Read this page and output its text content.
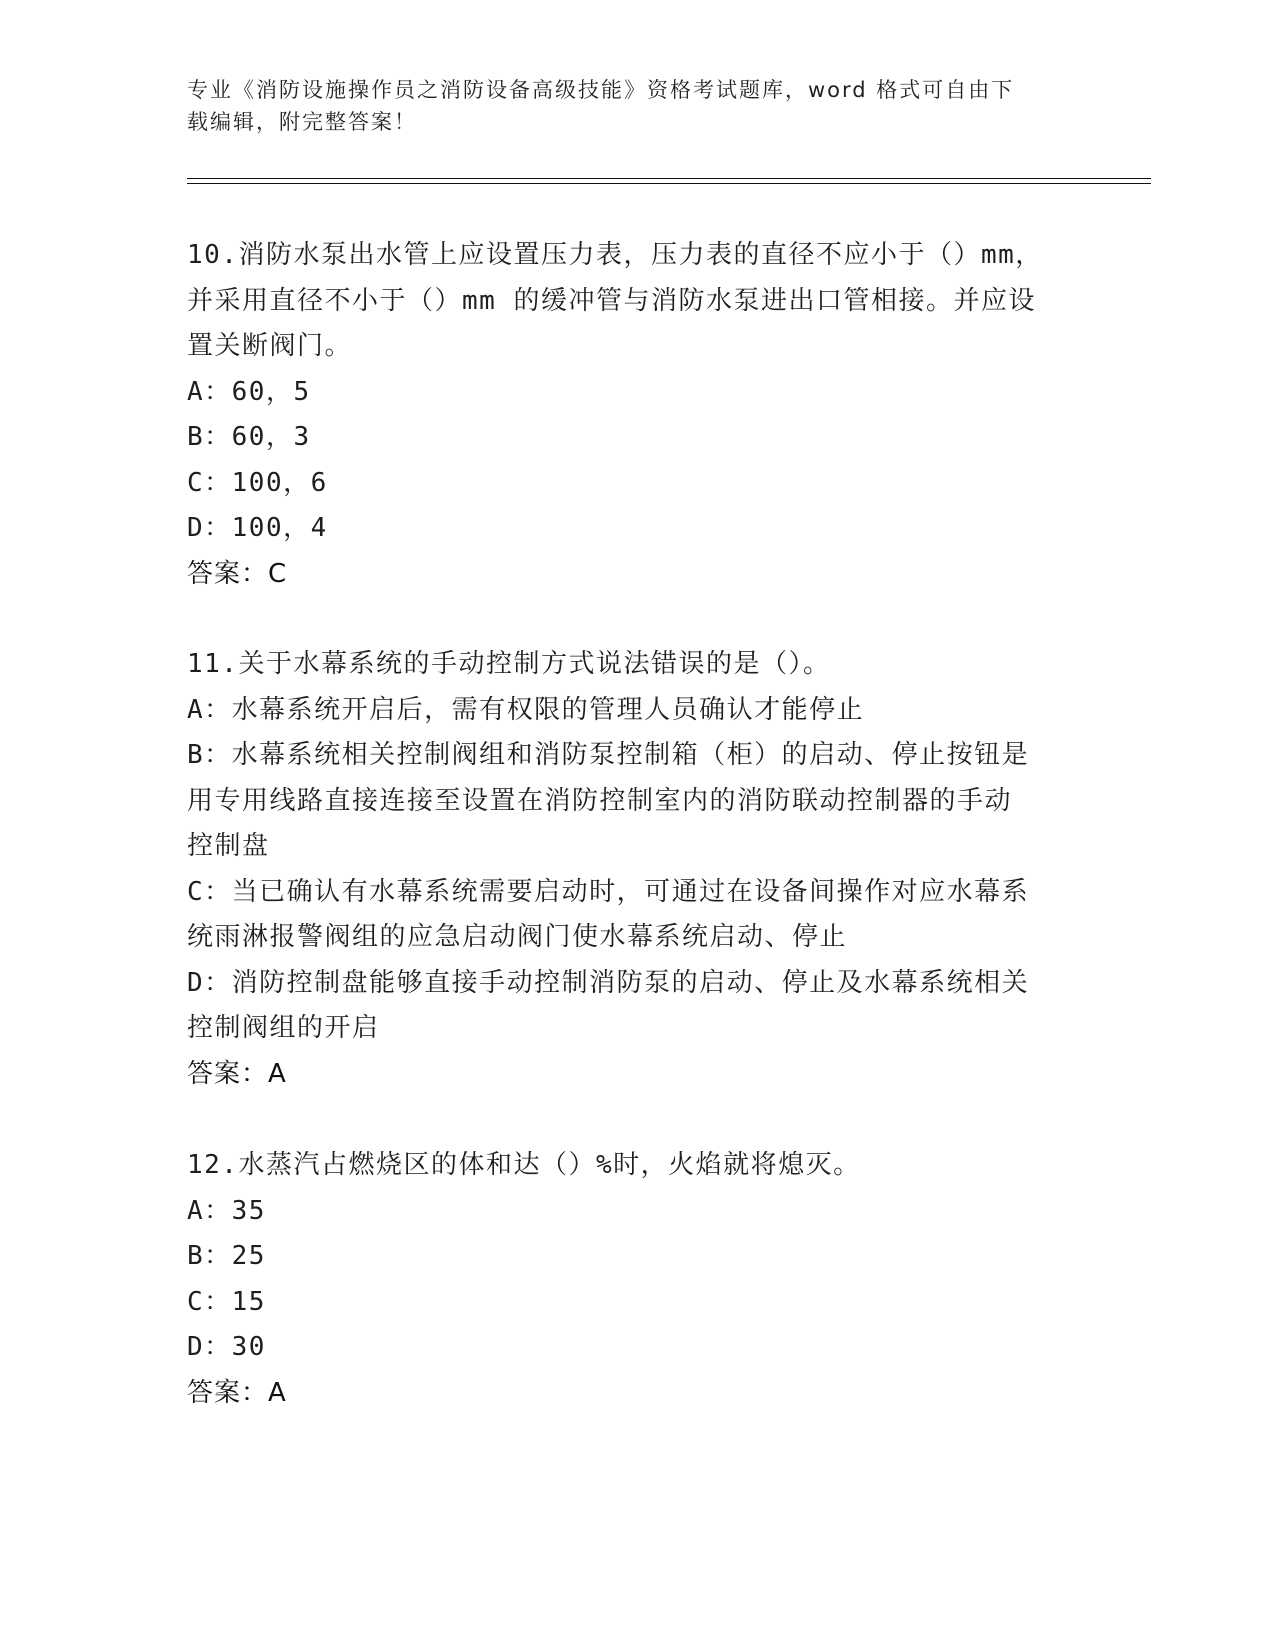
专业《消防设施操作员之消防设备高级技能》资格考试题库，word 格式可自由下
载编辑，附完整答案！
10.消防水泵出水管上应设置压力表，压力表的直径不应小于（）mm，
并采用直径不小于（）mm 的缓冲管与消防水泵进出口管相接。并应设
置关断阀门。
A：60，5
B：60，3
C：100，6
D：100，4
答案：C
11.关于水幕系统的手动控制方式说法错误的是（）。
A：水幕系统开启后，需有权限的管理人员确认才能停止
B：水幕系统相关控制阀组和消防泵控制箱（柜）的启动、停止按钮是
用专用线路直接连接至设置在消防控制室内的消防联动控制器的手动
控制盘
C：当已确认有水幕系统需要启动时，可通过在设备间操作对应水幕系
统雨淋报警阀组的应急启动阀门使水幕系统启动、停止
D：消防控制盘能够直接手动控制消防泵的启动、停止及水幕系统相关
控制阀组的开启
答案：A
12.水蒸汽占燃烧区的体和达（）%时，火焰就将熄灭。
A：35
B：25
C：15
D：30
答案：A
